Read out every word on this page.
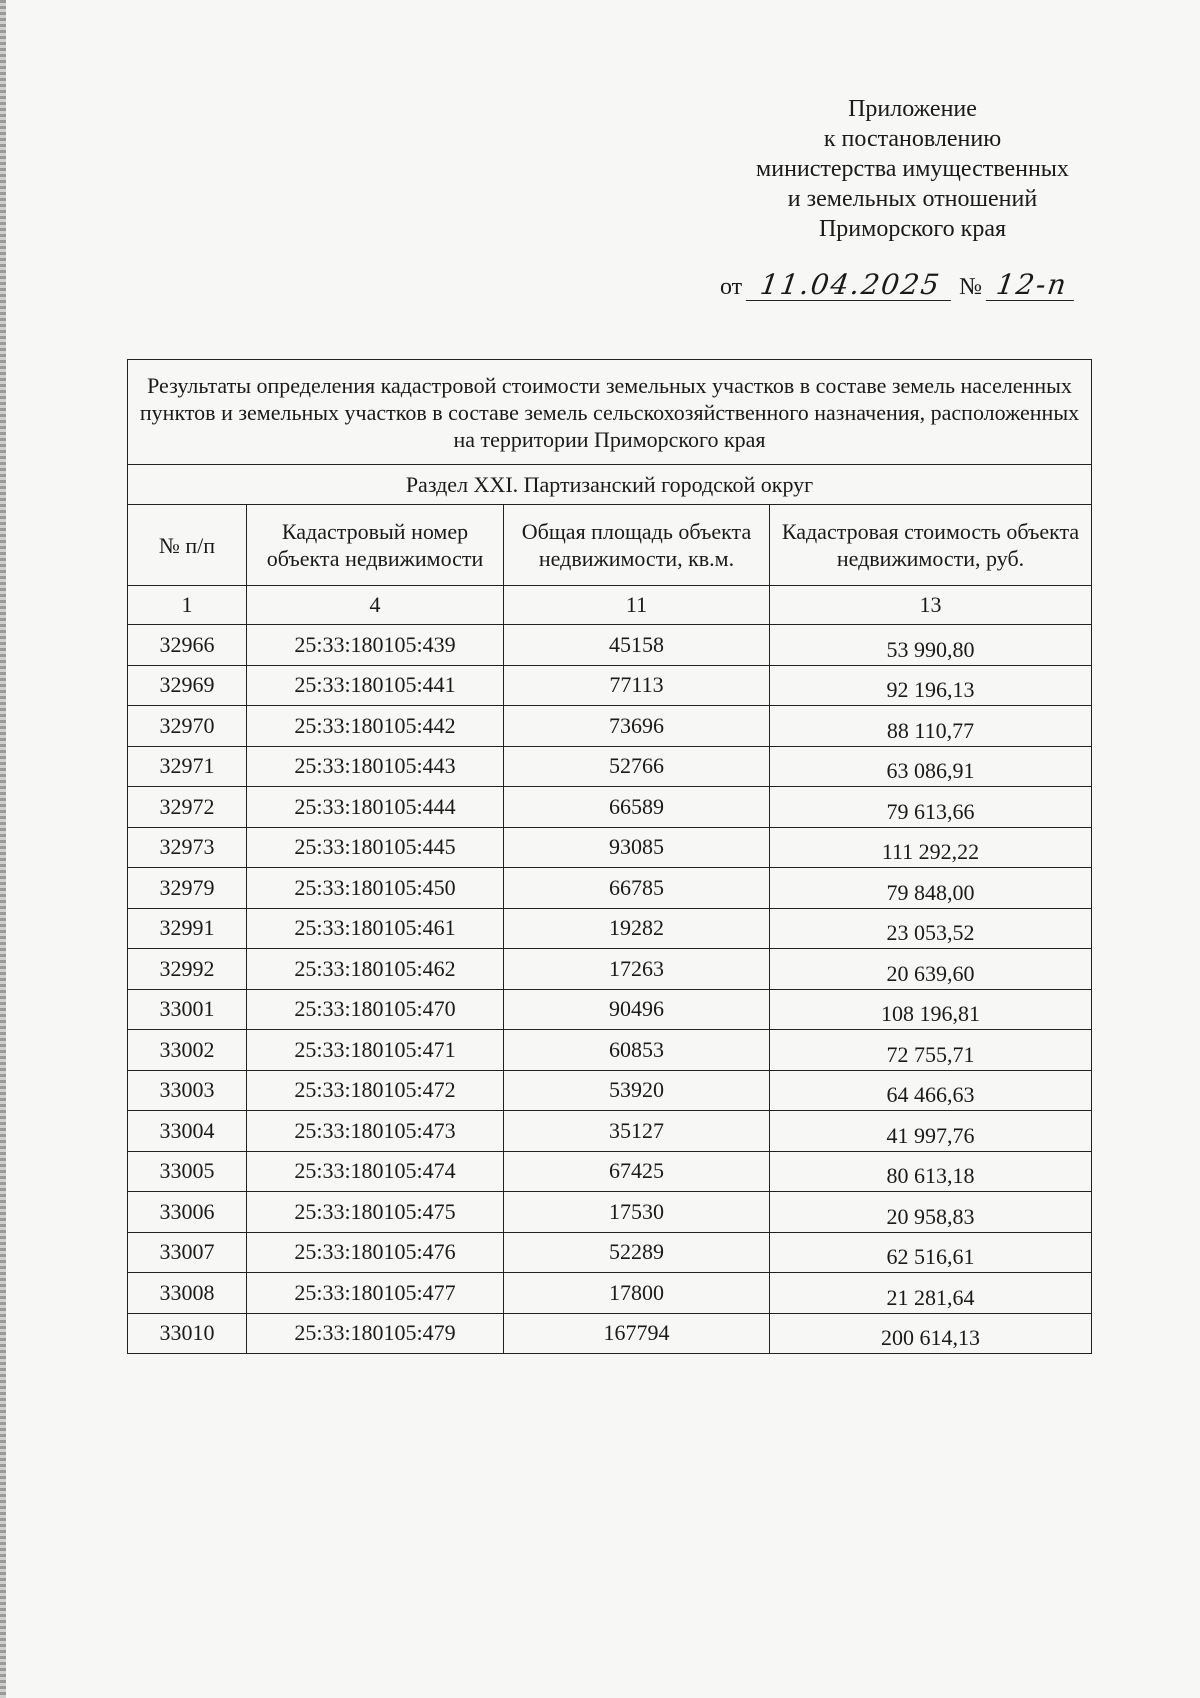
Приложение
к постановлению
министерства имущественных
и земельных отношений
Приморского края
от 11.04.2025 № 12-п
Результаты определения кадастровой стоимости земельных участков в составе земель населенных пунктов и земельных участков в составе земель сельскохозяйственного назначения, расположенных на территории Приморского края			
Раздел XXI. Партизанский городской округ			
№ п/п	Кадастровый номер объекта недвижимости	Общая площадь объекта недвижимости, кв.м.	Кадастровая стоимость объекта недвижимости, руб.
1	4	11	13
32966	25:33:180105:439	45158	53 990,80
32969	25:33:180105:441	77113	92 196,13
32970	25:33:180105:442	73696	88 110,77
32971	25:33:180105:443	52766	63 086,91
32972	25:33:180105:444	66589	79 613,66
32973	25:33:180105:445	93085	111 292,22
32979	25:33:180105:450	66785	79 848,00
32991	25:33:180105:461	19282	23 053,52
32992	25:33:180105:462	17263	20 639,60
33001	25:33:180105:470	90496	108 196,81
33002	25:33:180105:471	60853	72 755,71
33003	25:33:180105:472	53920	64 466,63
33004	25:33:180105:473	35127	41 997,76
33005	25:33:180105:474	67425	80 613,18
33006	25:33:180105:475	17530	20 958,83
33007	25:33:180105:476	52289	62 516,61
33008	25:33:180105:477	17800	21 281,64
33010	25:33:180105:479	167794	200 614,13
